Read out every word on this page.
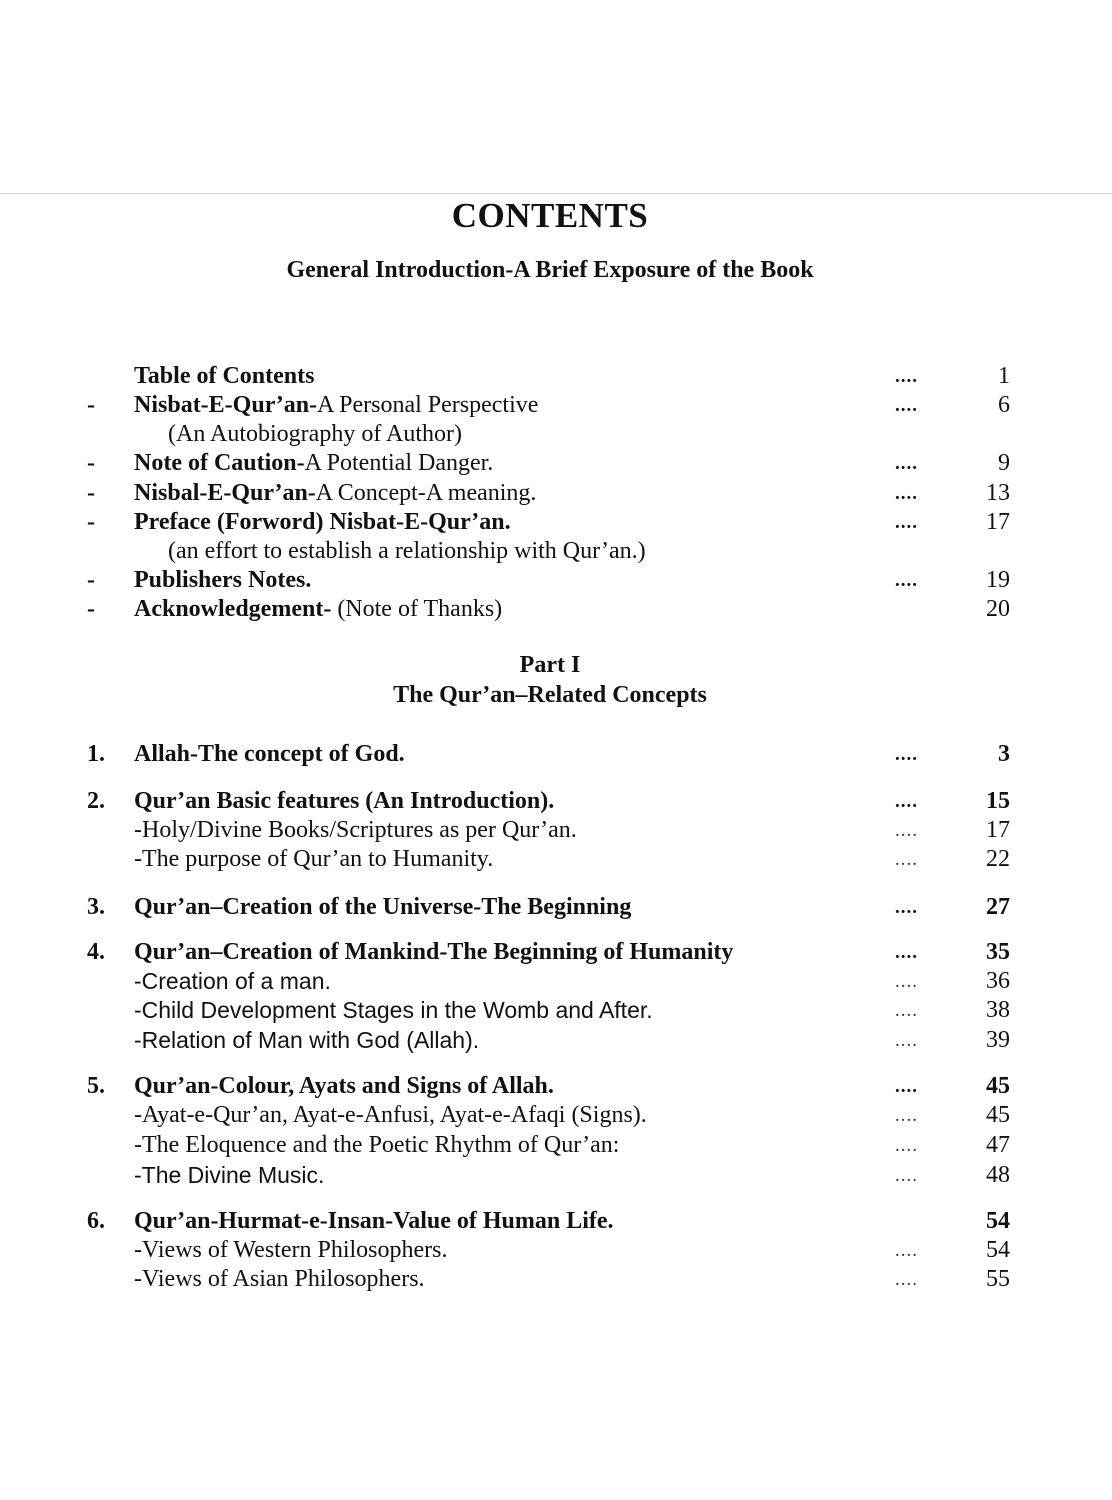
CONTENTS
General Introduction-A Brief Exposure of the Book
Table of Contents	....	1
-	Nisbat-E-Qur’an-A Personal Perspective	....	6
(An Autobiography of Author)
-	Note of Caution-A Potential Danger.	....	9
-	Nisbal-E-Qur’an-A Concept-A meaning.	....	13
-	Preface (Forword) Nisbat-E-Qur’an.	....	17
(an effort to establish a relationship with Qur’an.)
-	Publishers Notes.	....	19
-	Acknowledgement- (Note of Thanks)	20
Part I
The Qur’an–Related Concepts
1.	Allah-The concept of God.	....	3
2.	Qur’an Basic features (An Introduction).	....	15
-Holy/Divine Books/Scriptures as per Qur’an.	....	17
-The purpose of Qur’an to Humanity.	....	22
3.	Qur’an–Creation of the Universe-The Beginning	....	27
4.	Qur’an–Creation of Mankind-The Beginning of Humanity	....	35
-Creation of a man.	....	36
-Child Development Stages in the Womb and After.	....	38
-Relation of Man with God (Allah).	....	39
5.	Qur’an-Colour, Ayats and Signs of Allah.	....	45
-Ayat-e-Qur’an, Ayat-e-Anfusi, Ayat-e-Afaqi (Signs).	....	45
-The Eloquence and the Poetic Rhythm of Qur’an:	....	47
-The Divine Music.	....	48
6.	Qur’an-Hurmat-e-Insan-Value of Human Life.	54
-Views of Western Philosophers.	....	54
-Views of Asian Philosophers.	....	55
